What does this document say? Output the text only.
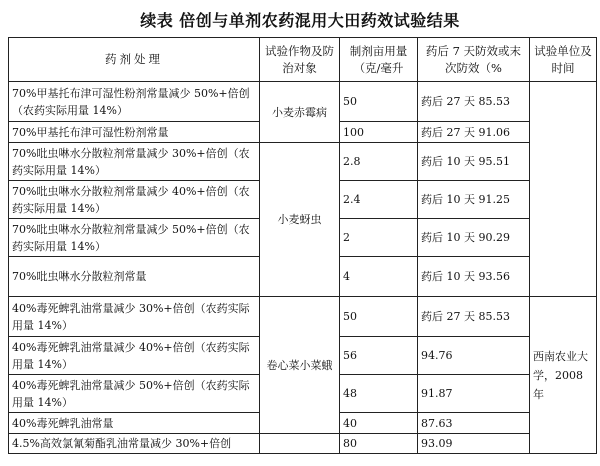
续表 倍创与单剂农药混用大田药效试验结果
药剂处理	试验作物及防治对象	制剂亩用量（克/毫升	药后 7 天防效或末次防效（%	试验单位及时间
70%甲基托布津可湿性粉剂常量减少 50%+倍创（农药实际用量 14%）	小麦赤霉病	50	药后 27 天 85.53	
70%甲基托布津可湿性粉剂常量		100	药后 27 天 91.06	
70%吡虫啉水分散粒剂常量减少 30%+倍创（农药实际用量 14%）	小麦蚜虫	2.8	药后 10 天 95.51	
70%吡虫啉水分散粒剂常量减少 40%+倍创（农药实际用量 14%）		2.4	药后 10 天 91.25	
70%吡虫啉水分散粒剂常量减少 50%+倍创（农药实际用量 14%）		2	药后 10 天 90.29	
70%吡虫啉水分散粒剂常量		4	药后 10 天 93.56	
40%毒死蜱乳油常量减少 30%+倍创（农药实际用量 14%）	卷心菜小菜蛾	50	药后 27 天 85.53	西南农业大学，2008年
40%毒死蜱乳油常量减少 40%+倍创（农药实际用量 14%）		56	94.76	
40%毒死蜱乳油常量减少 50%+倍创（农药实际用量 14%）		48	91.87	
40%毒死蜱乳油常量		40	87.63	
4.5%高效氯氰菊酯乳油常量减少 30%+倍创		80	93.09	
